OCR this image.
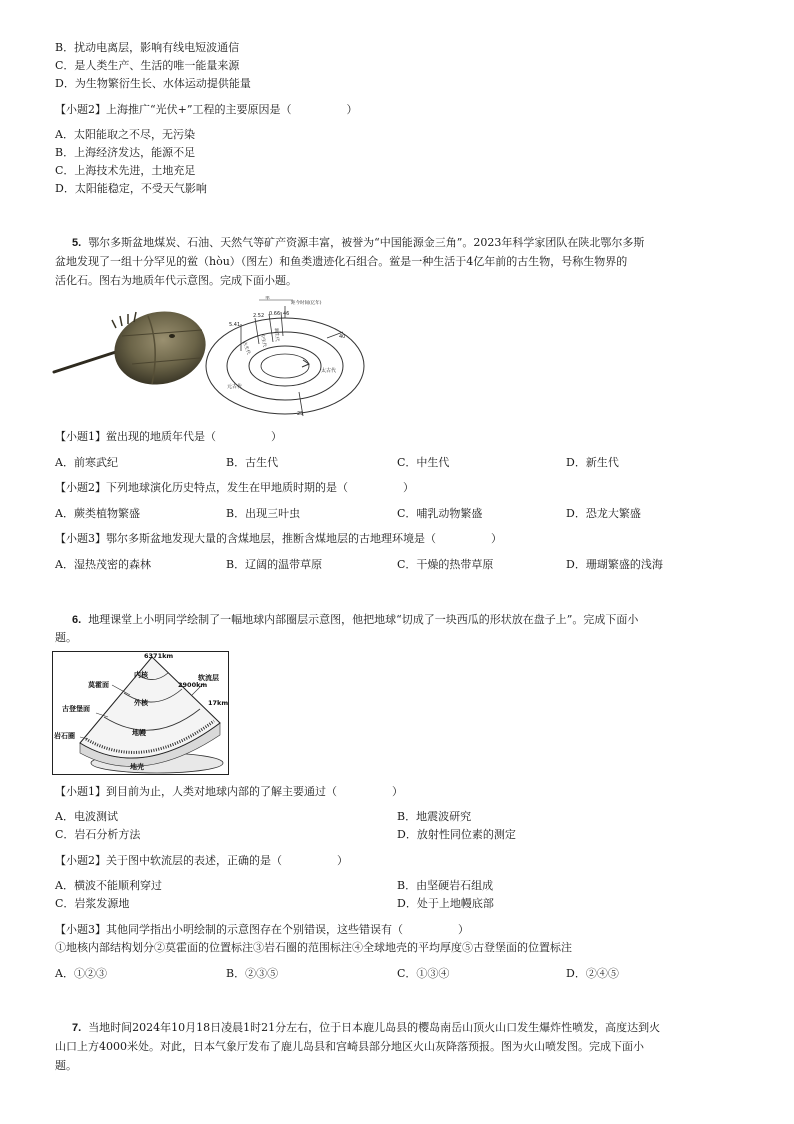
B．扰动电离层，影响有线电短波通信
C．是人类生产、生活的唯一能量来源
D．为生物繁衍生长、水体运动提供能量
【小题2】上海推广“光伏+”工程的主要原因是（　　　　　）
A．太阳能取之不尽，无污染
B．上海经济发达，能源不足
C．上海技术先进，土地充足
D．太阳能稳定，不受天气影响
5. 鄂尔多斯盆地煤炭、石油、天然气等矿产资源丰富，被誉为“中国能源金三角”。2023年科学家团队在陕北鄂尔多斯
盆地发现了一组十分罕见的鲎（hòu）（图左）和鱼类遗迹化石组合。鲎是一种生活于4亿年前的古生物，号称生物界的
活化石。图右为地质年代示意图。完成下面小题。
单
距今时间(亿年)
5.41
2.52 0.66 46
40
25
元古代
太古代
古生代
中生代	新生代
【小题1】鲎出现的地质年代是（　　　　　）
A．前寒武纪	B．古生代	C．中生代	D．新生代
【小题2】下列地球演化历史特点，发生在甲地质时期的是（　　　　　）
A．蕨类植物繁盛	B．出现三叶虫	C．哺乳动物繁盛	D．恐龙大繁盛
【小题3】鄂尔多斯盆地发现大量的含煤地层，推断含煤地层的古地理环境是（　　　　　）
A．湿热茂密的森林	B．辽阔的温带草原	C．干燥的热带草原	D．珊瑚繁盛的浅海
6. 地理课堂上小明同学绘制了一幅地球内部圈层示意图，他把地球“切成了一块西瓜的形状放在盘子上”。完成下面小
题。
6371km
内核
莫霍面
软流层
2900km
外核	17km
古登堡面
岩石圈	地幔
地壳
【小题1】到目前为止，人类对地球内部的了解主要通过（　　　　　）
A．电波测试	B．地震波研究
C．岩石分析方法	D．放射性同位素的测定
【小题2】关于图中软流层的表述，正确的是（　　　　　）
A．横波不能顺利穿过	B．由坚硬岩石组成
C．岩浆发源地	D．处于上地幔底部
【小题3】其他同学指出小明绘制的示意图存在个别错误，这些错误有（　　　　　）
①地核内部结构划分②莫霍面的位置标注③岩石圈的范围标注④全球地壳的平均厚度⑤古登堡面的位置标注
A．①②③	B．②③⑤	C．①③④	D．②④⑤
7. 当地时间2024年10月18日凌晨1时21分左右，位于日本鹿儿岛县的樱岛南岳山顶火山口发生爆炸性喷发，高度达到火
山口上方4000米处。对此，日本气象厅发布了鹿儿岛县和宫崎县部分地区火山灰降落预报。图为火山喷发图。完成下面小
题。
